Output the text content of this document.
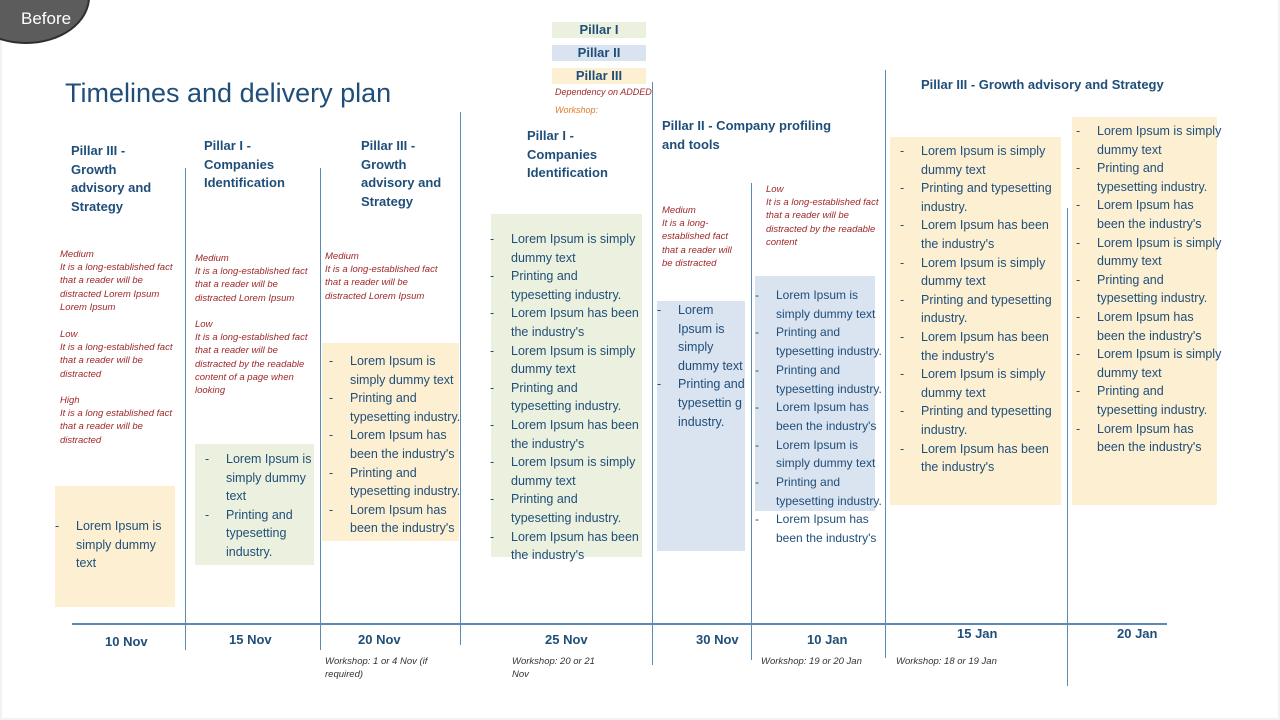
Before
Timelines and delivery plan
Pillar I
Pillar II
Pillar III
Dependency on ADDED
Workshop:
Pillar III - Growth advisory and Strategy
Pillar I - Companies Identification
Pillar III - Growth advisory and Strategy
Pillar I - Companies Identification
Pillar II - Company profiling and tools
Pillar III - Growth advisory and Strategy
Medium
It is a long-established fact that a reader will be distracted Lorem Ipsum Lorem Ipsum
Low
It is a long-established fact that a reader will be distracted
High
It is a long established fact that a reader will be distracted
Medium
It is a long-established fact that a reader will be distracted Lorem Ipsum
Low
It is a long-established fact that a reader will be distracted by the readable content of a page when looking
Medium
It is a long-established fact that a reader will be distracted Lorem Ipsum
Medium
It is a long-established fact that a reader will be distracted
Low
It is a long-established fact that a reader will be distracted by the readable content
- Lorem Ipsum is simply dummy text
- Lorem Ipsum is simply dummy text
- Printing and typesetting industry.
- Lorem Ipsum is simply dummy text
- Printing and typesetting industry.
- Lorem Ipsum has been the industry's
- Printing and typesetting industry.
- Lorem Ipsum has been the industry's
- Lorem Ipsum is simply dummy text
- Printing and typesetting industry.
- Lorem Ipsum has been the industry's
- Lorem Ipsum is simply dummy text
- Printing and typesetting industry.
- Lorem Ipsum has been the industry's
- Lorem Ipsum is simply dummy text
- Printing and typesetting industry.
- Lorem Ipsum has been the industry's
- Lorem Ipsum is simply dummy text
- Printing and typesettin g industry.
- Lorem Ipsum is simply dummy text
- Printing and typesetting industry.
- Printing and typesetting industry.
- Lorem Ipsum has been the industry's
- Lorem Ipsum is simply dummy text
- Printing and typesetting industry.
- Lorem Ipsum has been the industry's
- Lorem Ipsum is simply dummy text
- Printing and typesetting industry.
- Lorem Ipsum has been the industry's
- Lorem Ipsum is simply dummy text
- Printing and typesetting industry.
- Lorem Ipsum has been the industry's
- Lorem Ipsum is simply dummy text
- Printing and typesetting industry.
- Lorem Ipsum has been the industry's
- Lorem Ipsum is simply dummy text
- Printing and typesetting industry.
- Lorem Ipsum has been the industry's
- Lorem Ipsum is simply dummy text
- Printing and typesetting industry.
- Lorem Ipsum has been the industry's
- Lorem Ipsum is simply dummy text
- Printing and typesetting industry.
- Lorem Ipsum has been the industry's
10 Nov	15 Nov	20 Nov	25 Nov	30 Nov	10 Jan	15 Jan	20 Jan
Workshop: 1 or 4 Nov (if required)
Workshop: 20 or 21 Nov
Workshop: 19 or 20 Jan	Workshop: 18 or 19 Jan
